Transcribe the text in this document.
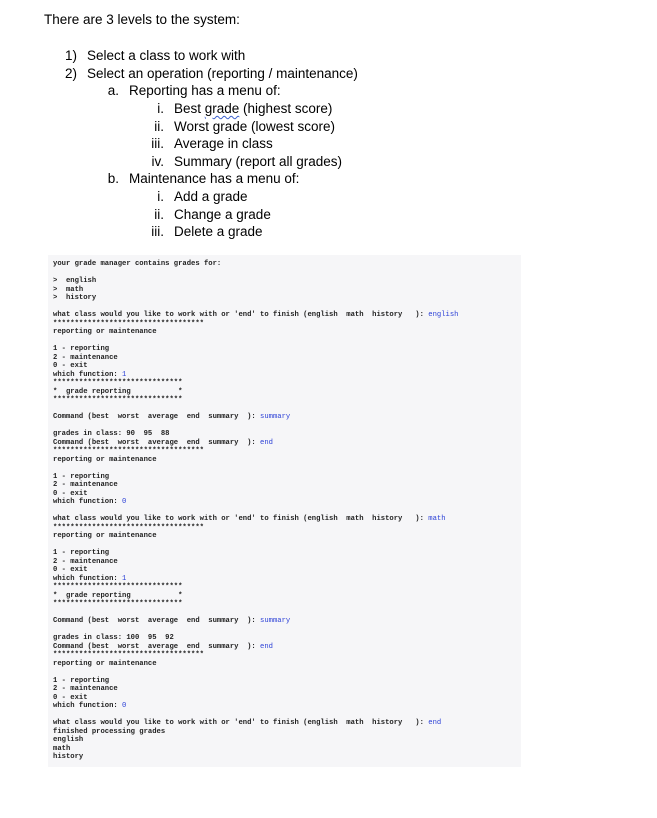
There are 3 levels to the system:
1) Select a class to work with
2) Select an operation (reporting / maintenance)
a. Reporting has a menu of:
i. Best grade (highest score)
ii. Worst grade (lowest score)
iii. Average in class
iv. Summary (report all grades)
b. Maintenance has a menu of:
i. Add a grade
ii. Change a grade
iii. Delete a grade
your grade manager contains grades for:
>  english
>  math
>  history
what class would you like to work with or 'end' to finish (english  math  history   ): english
***********************************
reporting or maintenance
1 - reporting
2 - maintenance
0 - exit
which function: 1
******************************
*  grade reporting           *
******************************
Command (best  worst  average  end  summary  ): summary
grades in class: 90  95  88
Command (best  worst  average  end  summary  ): end
***********************************
reporting or maintenance
1 - reporting
2 - maintenance
0 - exit
which function: 0
what class would you like to work with or 'end' to finish (english  math  history   ): math
***********************************
reporting or maintenance
1 - reporting
2 - maintenance
0 - exit
which function: 1
******************************
*  grade reporting           *
******************************
Command (best  worst  average  end  summary  ): summary
grades in class: 100  95  92
Command (best  worst  average  end  summary  ): end
***********************************
reporting or maintenance
1 - reporting
2 - maintenance
0 - exit
which function: 0
what class would you like to work with or 'end' to finish (english  math  history   ): end
finished processing grades
english
math
history
